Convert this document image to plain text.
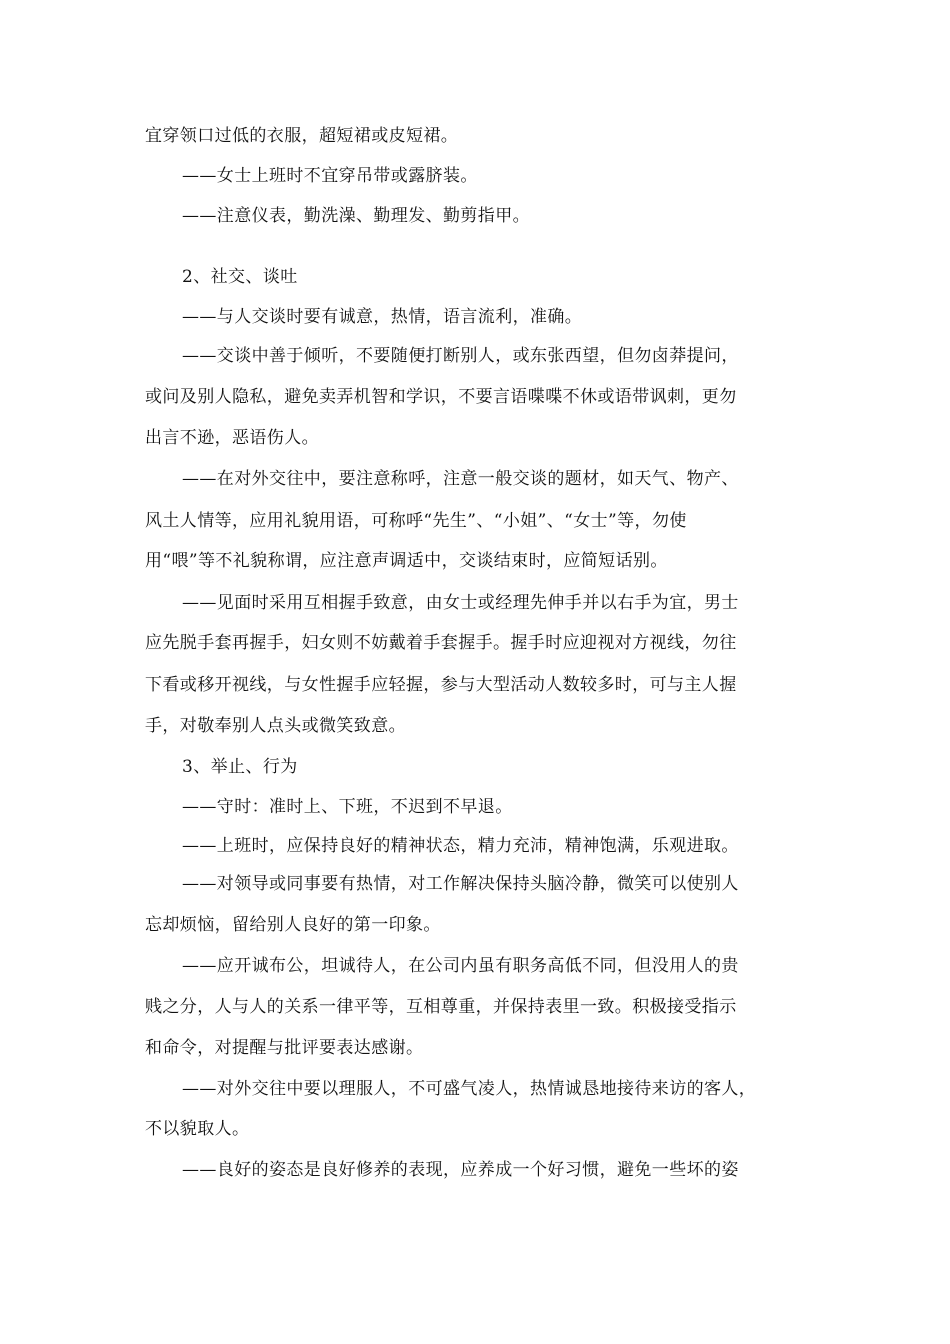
宜穿领口过低的衣服，超短裙或皮短裙。
——女士上班时不宜穿吊带或露脐装。
——注意仪表，勤洗澡、勤理发、勤剪指甲。
2、社交、谈吐
——与人交谈时要有诚意，热情，语言流利，准确。
——交谈中善于倾听，不要随便打断别人，或东张西望，但勿卤莽提问，
或问及别人隐私，避免卖弄机智和学识，不要言语喋喋不休或语带讽刺，更勿
出言不逊，恶语伤人。
——在对外交往中，要注意称呼，注意一般交谈的题材，如天气、物产、
风土人情等，应用礼貌用语，可称呼“先生”、“小姐”、“女士”等，勿使
用“喂”等不礼貌称谓，应注意声调适中，交谈结束时，应简短话别。
——见面时采用互相握手致意，由女士或经理先伸手并以右手为宜，男士
应先脱手套再握手，妇女则不妨戴着手套握手。握手时应迎视对方视线，勿往
下看或移开视线，与女性握手应轻握，参与大型活动人数较多时，可与主人握
手，对敬奉别人点头或微笑致意。
3、举止、行为
——守时：准时上、下班，不迟到不早退。
——上班时，应保持良好的精神状态，精力充沛，精神饱满，乐观进取。
——对领导或同事要有热情，对工作解决保持头脑冷静，微笑可以使别人
忘却烦恼，留给别人良好的第一印象。
——应开诚布公，坦诚待人，在公司内虽有职务高低不同，但没用人的贵
贱之分，人与人的关系一律平等，互相尊重，并保持表里一致。积极接受指示
和命令，对提醒与批评要表达感谢。
——对外交往中要以理服人，不可盛气凌人，热情诚恳地接待来访的客人，
不以貌取人。
——良好的姿态是良好修养的表现，应养成一个好习惯，避免一些坏的姿
